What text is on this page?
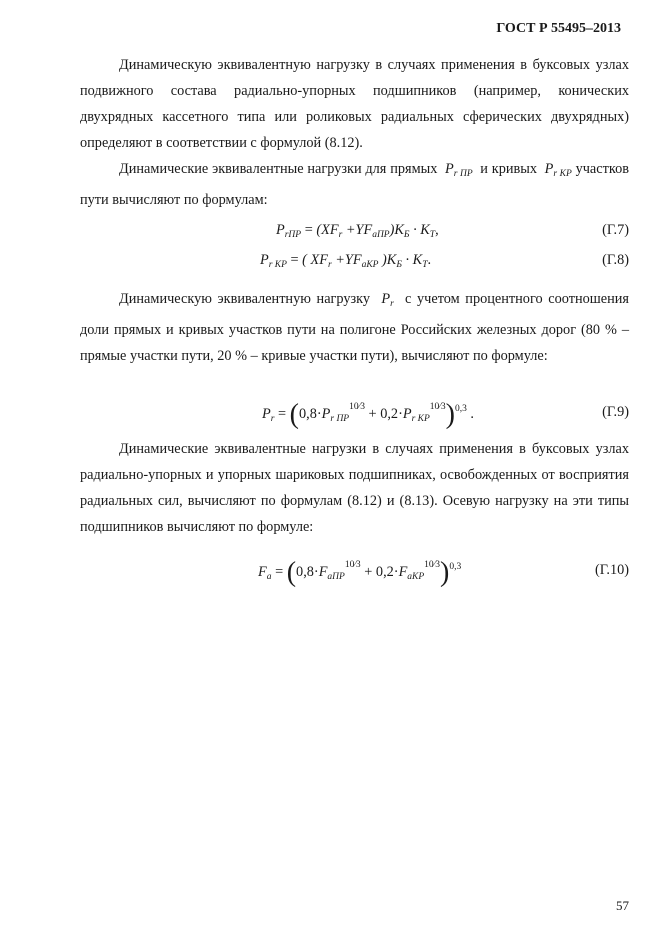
ГОСТ Р 55495–2013

Динамическую эквивалентную нагрузку в случаях применения в буксовых узлах подвижного состава радиально-упорных подшипников (например, конических двухрядных кассетного типа или роликовых радиальных сферических двухрядных) определяют в соответствии с формулой (8.12).

Динамические эквивалентные нагрузки для прямых $P_{r ПР}$ и кривых $P_{r КР}$ участков пути вычисляют по формулам:

$P_{rПР} = (XF_r +YF_{aПР})K_Б \cdot K_T$,	(Г.7)
$P_{r КР}$ = ( $XF_r +YF_{aКР}$ )$K_Б \cdot K_T$.	(Г.8)

Динамическую эквивалентную нагрузку $P_r$ с учетом процентного соотношения доли прямых и кривых участков пути на полигоне Российских железных дорог (80 % – прямые участки пути, 20 % – кривые участки пути), вычисляют по формуле:

$P_r$ = ($0,8\cdot P_{r ПР}10⁄3$ + $0,2\cdot P_{r КР}10⁄3)^{0,3}$ .	(Г.9)

Динамические эквивалентные нагрузки в случаях применения в буксовых узлах радиально-упорных и упорных шариковых подшипниках, освобожденных от восприятия радиальных сил, вычисляют по формулам (8.12) и (8.13). Осевую нагрузку на эти типы подшипников вычисляют по формуле:

$F_a$ = ($0,8\cdot F_{aПР}10⁄3$ + $0,2\cdot F_{aКР}10⁄3)^{0,3}$	(Г.10)
57
